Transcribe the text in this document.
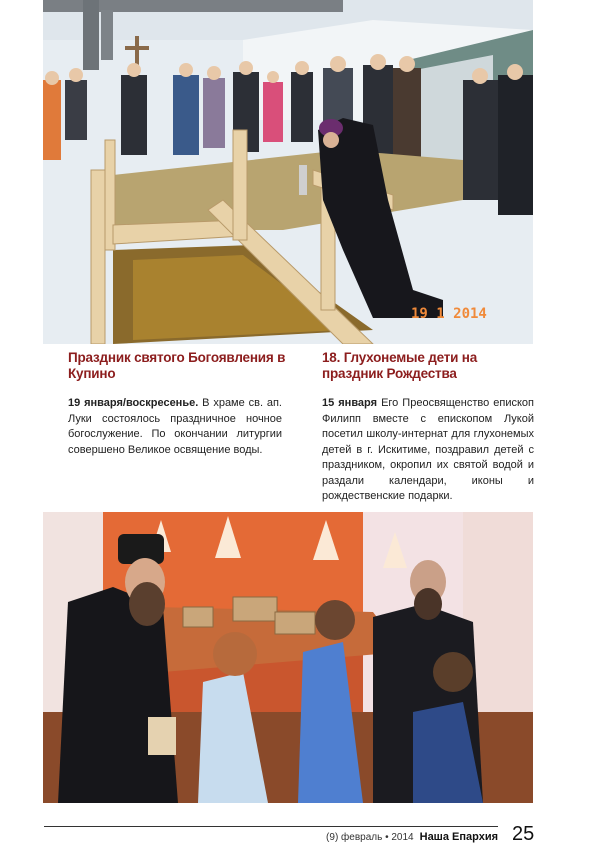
19 1 2014
Праздник святого Богоявления в Купино
19 января/воскресенье. В храме св. ап. Луки состоялось праздничное ночное богослужение. По окончании литургии совершено Великое освящение воды.
18. Глухонемые дети на праздник Рождества
15 января Его Преосвященство епископ Филипп вместе с епископом Лукой посетил школу-интернат для глухонемых детей в г. Искитиме, поздравил детей с праздником, окропил их святой водой и раздали календари, иконы и рождественские подарки.
(9) февраль • 2014 Наша Епархия 25
